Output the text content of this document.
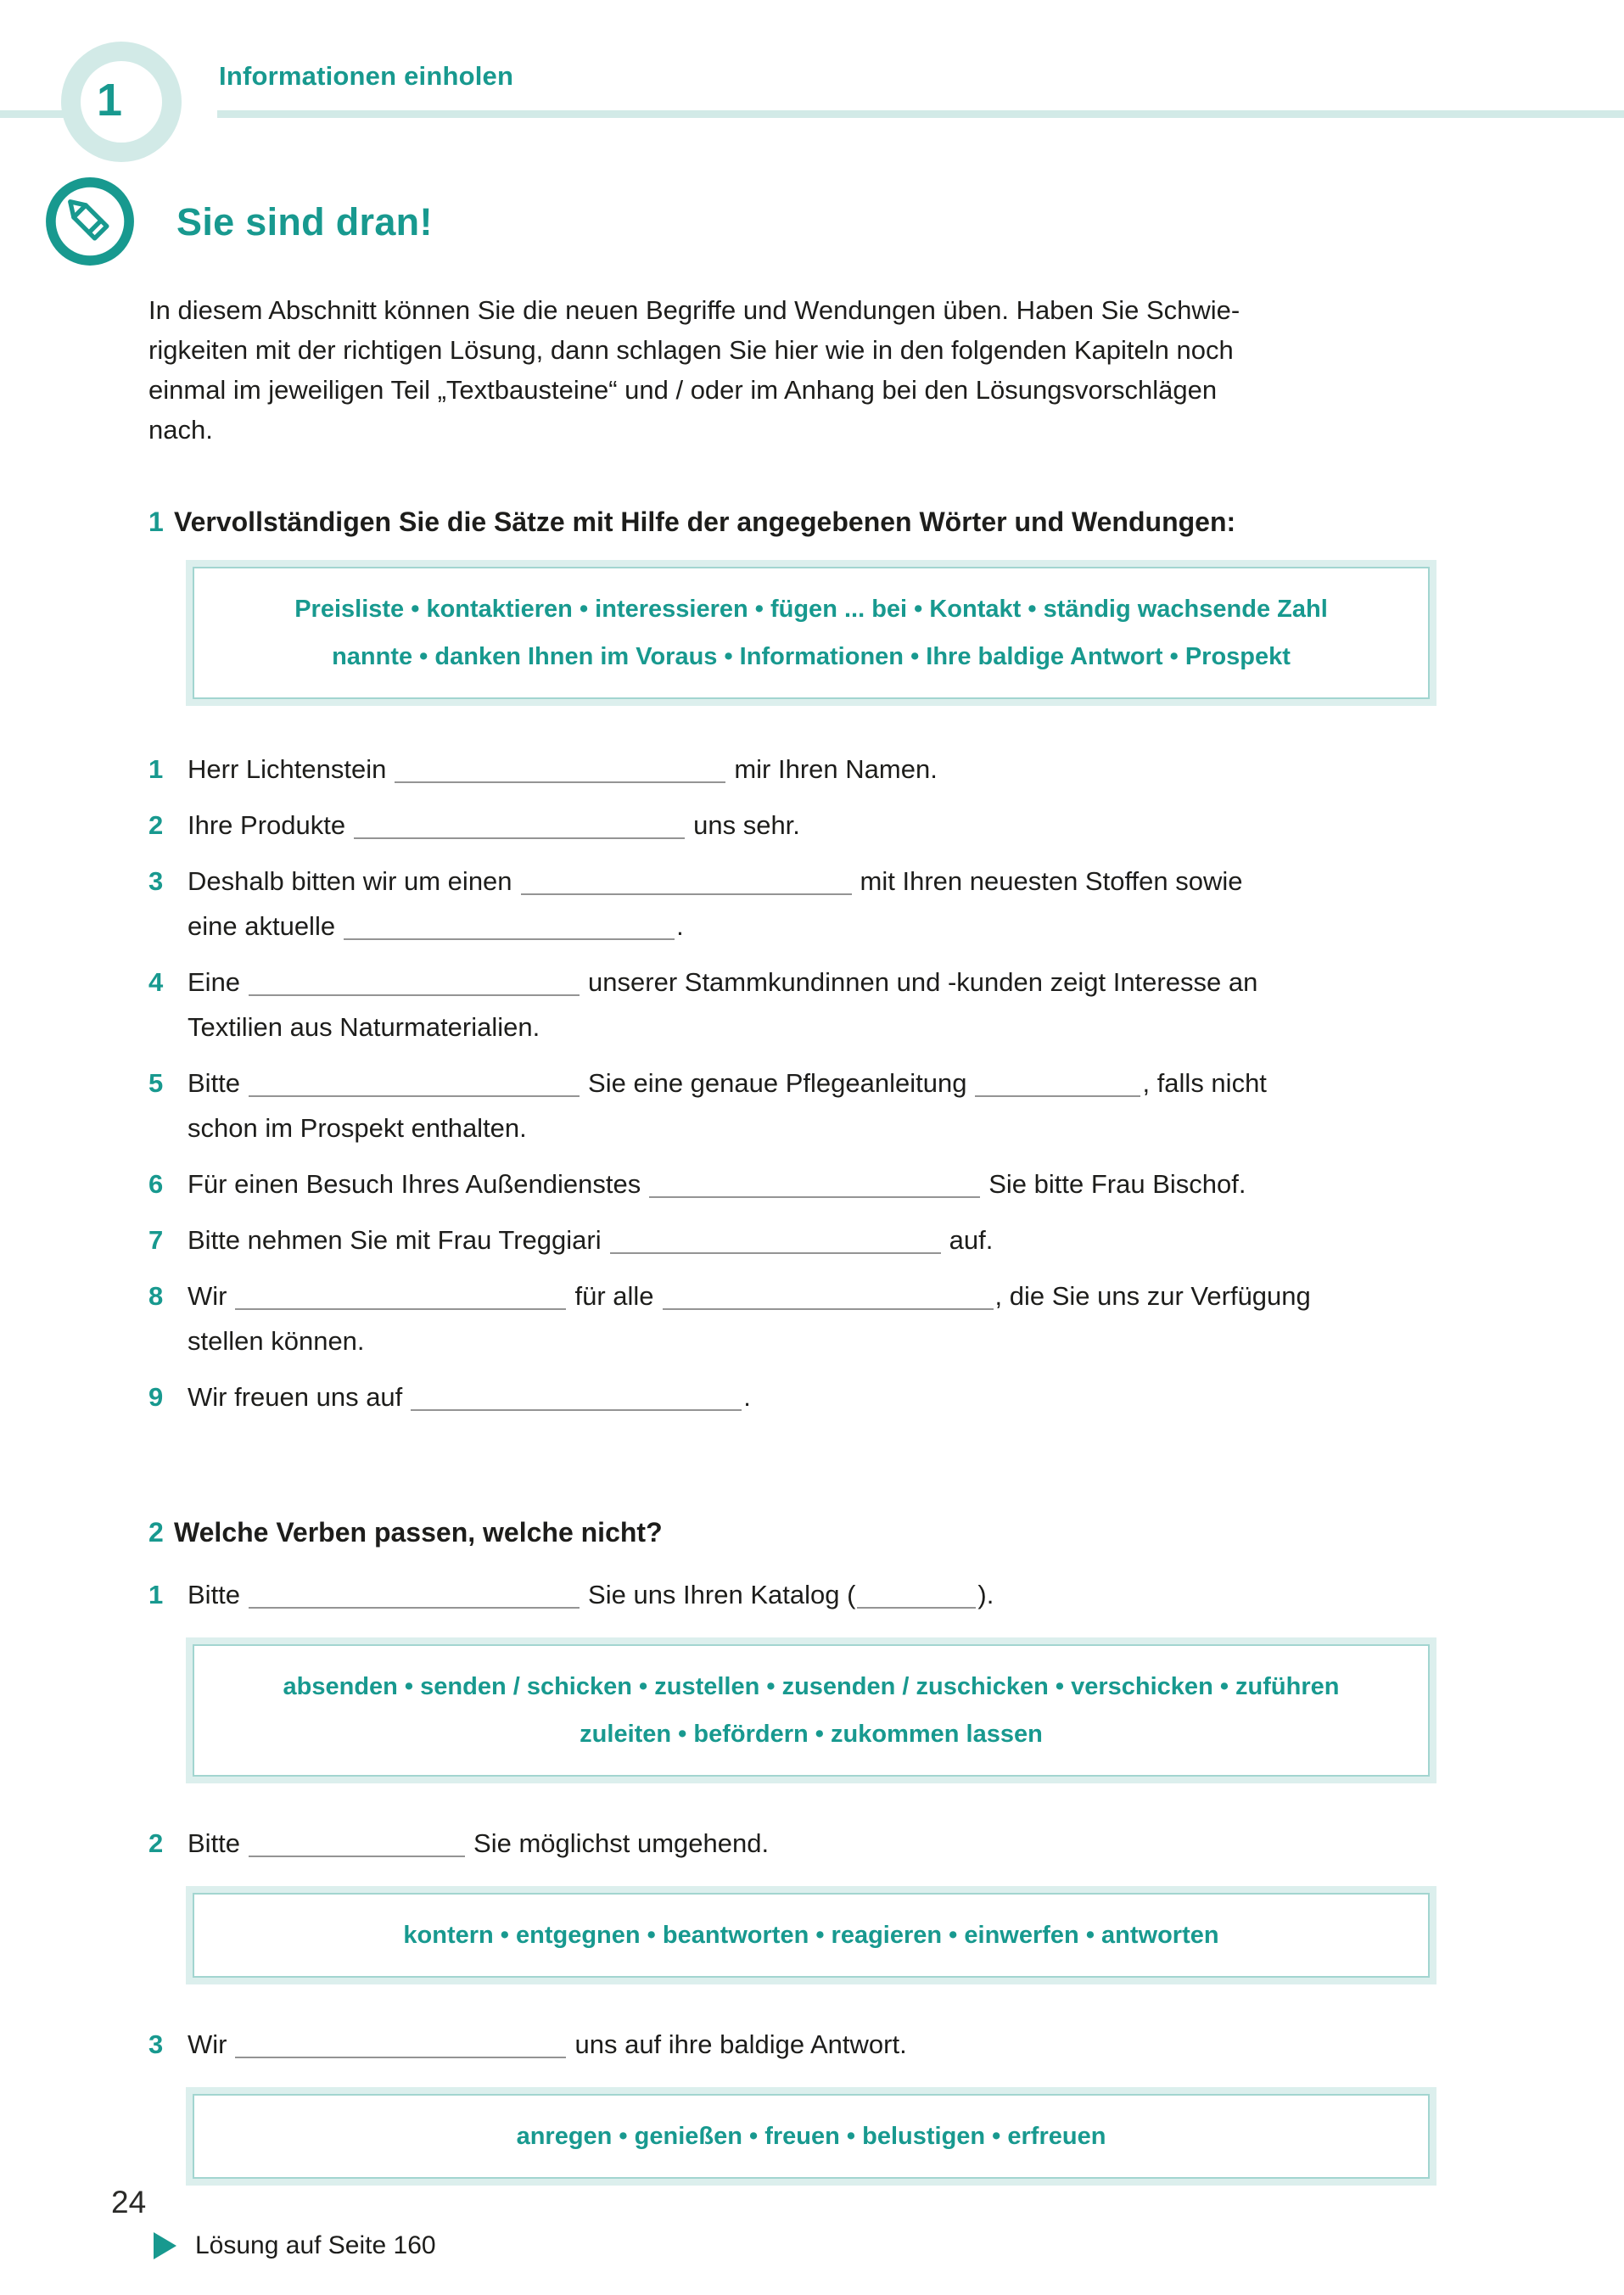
1	Informationen einholen
Sie sind dran!
In diesem Abschnitt können Sie die neuen Begriffe und Wendungen üben. Haben Sie Schwie-
rigkeiten mit der richtigen Lösung, dann schlagen Sie hier wie in den folgenden Kapiteln noch
einmal im jeweiligen Teil „Textbausteine“ und / oder im Anhang bei den Lösungsvorschlägen
nach.
1 Vervollständigen Sie die Sätze mit Hilfe der angegebenen Wörter und Wendungen:
Preisliste • kontaktieren • interessieren • fügen ... bei • Kontakt • ständig wachsende Zahl
nannte • danken Ihnen im Voraus • Informationen • Ihre baldige Antwort • Prospekt
1 Herr Lichtenstein	mir Ihren Namen.
2 Ihre Produkte	uns sehr.
3 Deshalb bitten wir um einen	mit Ihren neuesten Stoffen sowie
eine aktuelle	.
4 Eine	unserer Stammkundinnen und -kunden zeigt Interesse an
Textilien aus Naturmaterialien.
5 Bitte	Sie eine genaue Pflegeanleitung	, falls nicht
schon im Prospekt enthalten.
6 Für einen Besuch Ihres Außendienstes	Sie bitte Frau Bischof.
7 Bitte nehmen Sie mit Frau Treggiari	auf.
8 Wir	für alle	, die Sie uns zur Verfügung
stellen können.
9 Wir freuen uns auf	.
2 Welche Verben passen, welche nicht?
1 Bitte	Sie uns Ihren Katalog (	).
absenden • senden / schicken • zustellen • zusenden / zuschicken • verschicken • zuführen
zuleiten • befördern • zukommen lassen
2 Bitte	Sie möglichst umgehend.
kontern • entgegnen • beantworten • reagieren • einwerfen • antworten
3 Wir	uns auf ihre baldige Antwort.
anregen • genießen • freuen • belustigen • erfreuen
Lösung auf Seite 160
24
